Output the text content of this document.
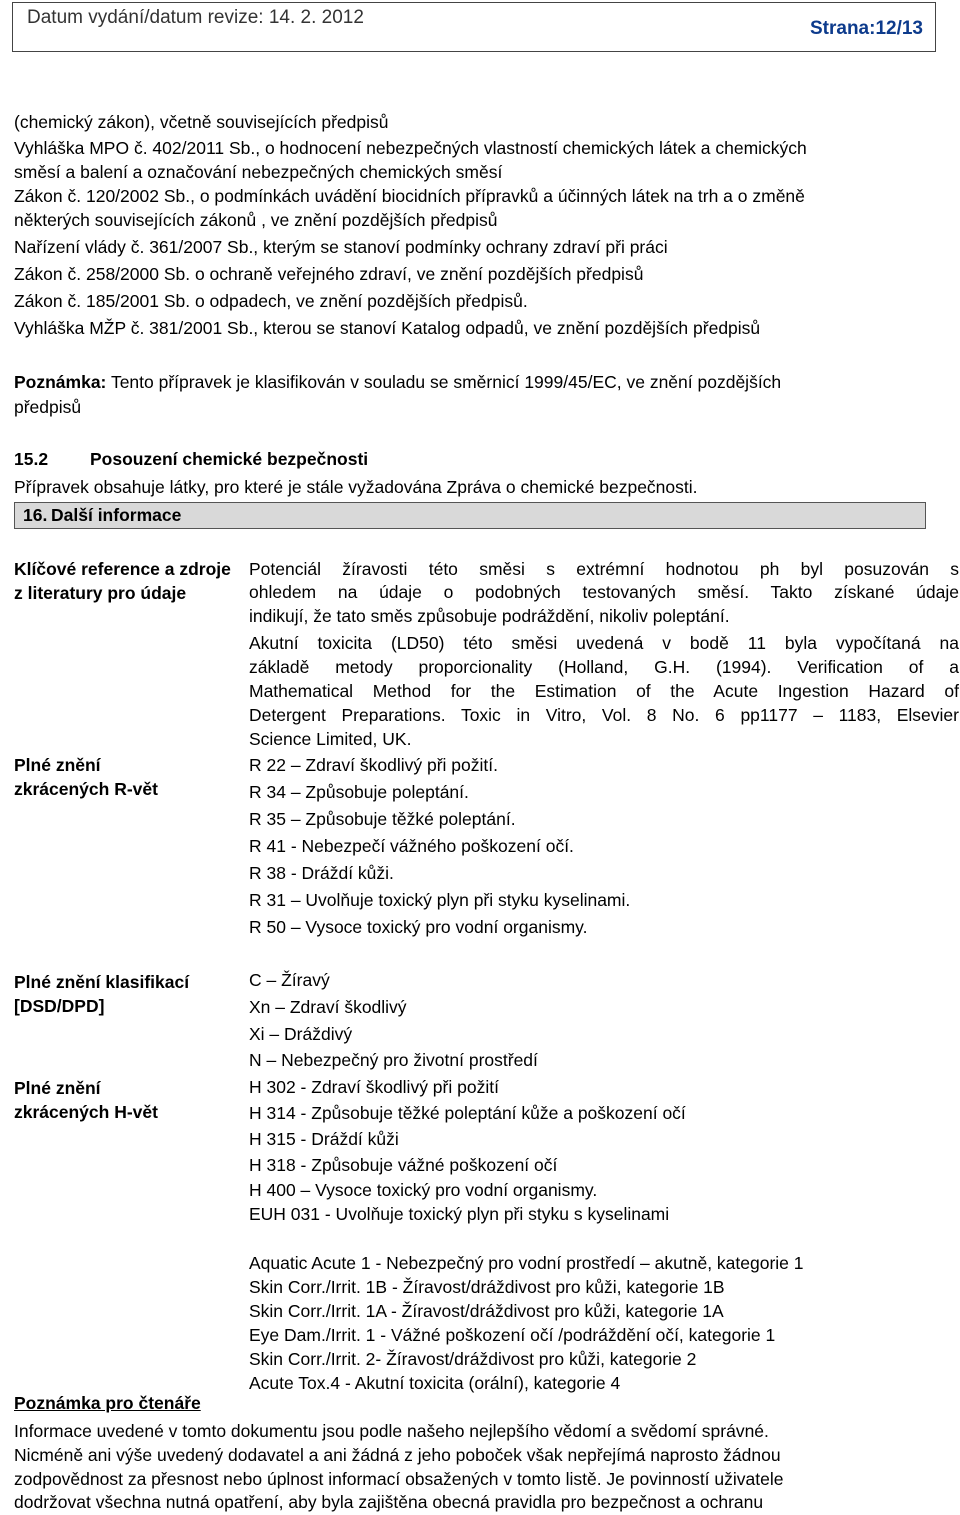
Datum vydání/datum revize: 14. 2. 2012
Strana:12/13
(chemický zákon), včetně souvisejících předpisů
Vyhláška MPO č. 402/2011 Sb., o hodnocení nebezpečných vlastností chemických látek a chemických
směsí a balení a označování nebezpečných chemických směsí
Zákon č. 120/2002 Sb., o podmínkách uvádění biocidních přípravků a účinných látek na trh a o změně
některých souvisejících zákonů , ve znění pozdějších předpisů
Nařízení vlády č. 361/2007 Sb., kterým se stanoví podmínky ochrany zdraví při práci
Zákon č. 258/2000 Sb. o ochraně veřejného zdraví, ve znění pozdějších předpisů
Zákon č. 185/2001 Sb. o odpadech, ve znění pozdějších předpisů.
Vyhláška MŽP č. 381/2001 Sb., kterou se stanoví Katalog odpadů, ve znění pozdějších předpisů
Poznámka: Tento přípravek je klasifikován v souladu se směrnicí 1999/45/EC, ve znění pozdějších
předpisů
15.2 Posouzení chemické bezpečnosti
Přípravek obsahuje látky, pro které je stále vyžadována Zpráva o chemické bezpečnosti.
16. Další informace
Klíčové reference a zdroje z literatury pro údaje
Potenciál žíravosti této směsi s extrémní hodnotou ph byl posuzován s
ohledem na údaje o podobných testovaných směsí. Takto získané údaje
indikují, že tato směs způsobuje podráždění, nikoliv poleptání.
Akutní toxicita (LD50) této směsi uvedená v bodě 11 byla vypočítaná na
základě metody proporcionality (Holland, G.H. (1994). Verification of a
Mathematical Method for the Estimation of the Acute Ingestion Hazard of
Detergent Preparations. Toxic in Vitro, Vol. 8 No. 6 pp1177 – 1183, Elsevier
Science Limited, UK.
Plné znění zkrácených R-vět
R 22 – Zdraví škodlivý při požití.
R 34 – Způsobuje poleptání.
R 35 – Způsobuje těžké poleptání.
R 41 - Nebezpečí vážného poškození očí.
R 38 - Dráždí kůži.
R 31 – Uvolňuje toxický plyn při styku kyselinami.
R 50 – Vysoce toxický pro vodní organismy.
Plné znění klasifikací [DSD/DPD]
C – Žíravý
Xn – Zdraví škodlivý
Xi – Dráždivý
N – Nebezpečný pro životní prostředí
Plné znění zkrácených H-vět
H 302 - Zdraví škodlivý při požití
H 314 - Způsobuje těžké poleptání kůže a poškození očí
H 315 - Dráždí kůži
H 318 - Způsobuje vážné poškození očí
H 400 – Vysoce toxický pro vodní organismy.
EUH 031 - Uvolňuje toxický plyn při styku s kyselinami
Aquatic Acute 1 - Nebezpečný pro vodní prostředí – akutně, kategorie 1
Skin Corr./Irrit. 1B - Žíravost/dráždivost pro kůži, kategorie 1B
Skin Corr./Irrit. 1A - Žíravost/dráždivost pro kůži, kategorie 1A
Eye Dam./Irrit. 1 - Vážné poškození očí /podráždění očí, kategorie 1
Skin Corr./Irrit. 2- Žíravost/dráždivost pro kůži, kategorie 2
Acute Tox.4 - Akutní toxicita (orální), kategorie 4
Poznámka pro čtenáře
Informace uvedené v tomto dokumentu jsou podle našeho nejlepšího vědomí a svědomí správné.
Nicméně ani výše uvedený dodavatel a ani žádná z jeho poboček však nepřejímá naprosto žádnou
zodpovědnost za přesnost nebo úplnost informací obsažených v tomto listě. Je povinností uživatele
dodržovat všechna nutná opatření, aby byla zajištěna obecná pravidla pro bezpečnost a ochranu
